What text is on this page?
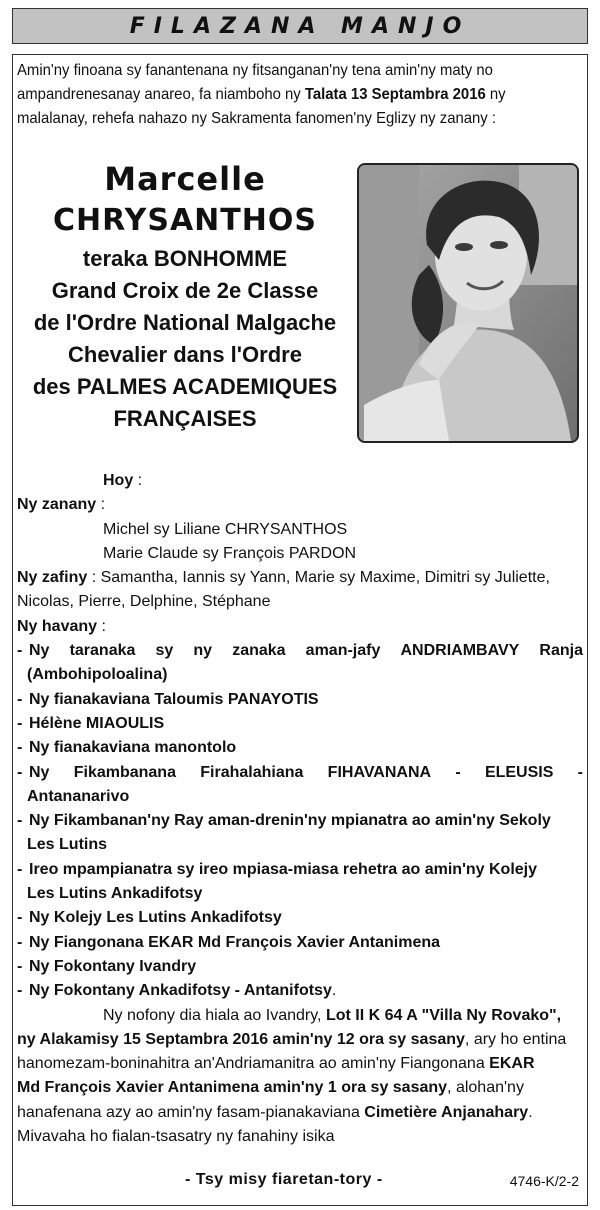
FILAZANA MANJO
Amin'ny finoana sy fanantenana ny fitsanganan'ny tena amin'ny maty no
ampandrenesanay anareo, fa niamboho ny Talata 13 Septambra 2016 ny
malalanay, rehefa nahazo ny Sakramenta fanomen'ny Eglizy ny zanany :
Marcelle
CHRYSANTHOS
teraka BONHOMME
Grand Croix de 2e Classe
de l'Ordre National Malgache
Chevalier dans l'Ordre
des PALMES ACADEMIQUES
FRANÇAISES
Hoy :
Ny zanany :
Michel sy Liliane CHRYSANTHOS
Marie Claude sy François PARDON
Ny zafiny : Samantha, Iannis sy Yann, Marie sy Maxime, Dimitri sy Juliette,
Nicolas, Pierre, Delphine, Stéphane
Ny havany :
- Ny taranaka sy ny zanaka aman-jafy ANDRIAMBAVY Ranja
(Ambohipoloalina)
- Ny fianakaviana Taloumis PANAYOTIS
- Hélène MIAOULIS
- Ny fianakaviana manontolo
- Ny Fikambanana Firahalahiana FIHAVANANA - ELEUSIS -
Antananarivo
- Ny Fikambanan'ny Ray aman-drenin'ny mpianatra ao amin'ny Sekoly
Les Lutins
- Ireo mpampianatra sy ireo mpiasa-miasa rehetra ao amin'ny Kolejy
Les Lutins Ankadifotsy
- Ny Kolejy Les Lutins Ankadifotsy
- Ny Fiangonana EKAR Md François Xavier Antanimena
- Ny Fokontany Ivandry
- Ny Fokontany Ankadifotsy - Antanifotsy .
Ny nofony dia hiala ao Ivandry, Lot II K 64 A "Villa Ny Rovako",
ny Alakamisy 15 Septambra 2016 amin'ny 12 ora sy sasany, ary ho entina
hanomezam-boninahitra an'Andriamanitra ao amin'ny Fiangonana EKAR
Md François Xavier Antanimena amin'ny 1 ora sy sasany, alohan'ny
hanafenana azy ao amin'ny fasam-pianakaviana Cimetière Anjanahary.
Mivavaha ho fialan-tsasatry ny fanahiny isika
- Tsy misy fiaretan-tory -	4746-K/2-2
